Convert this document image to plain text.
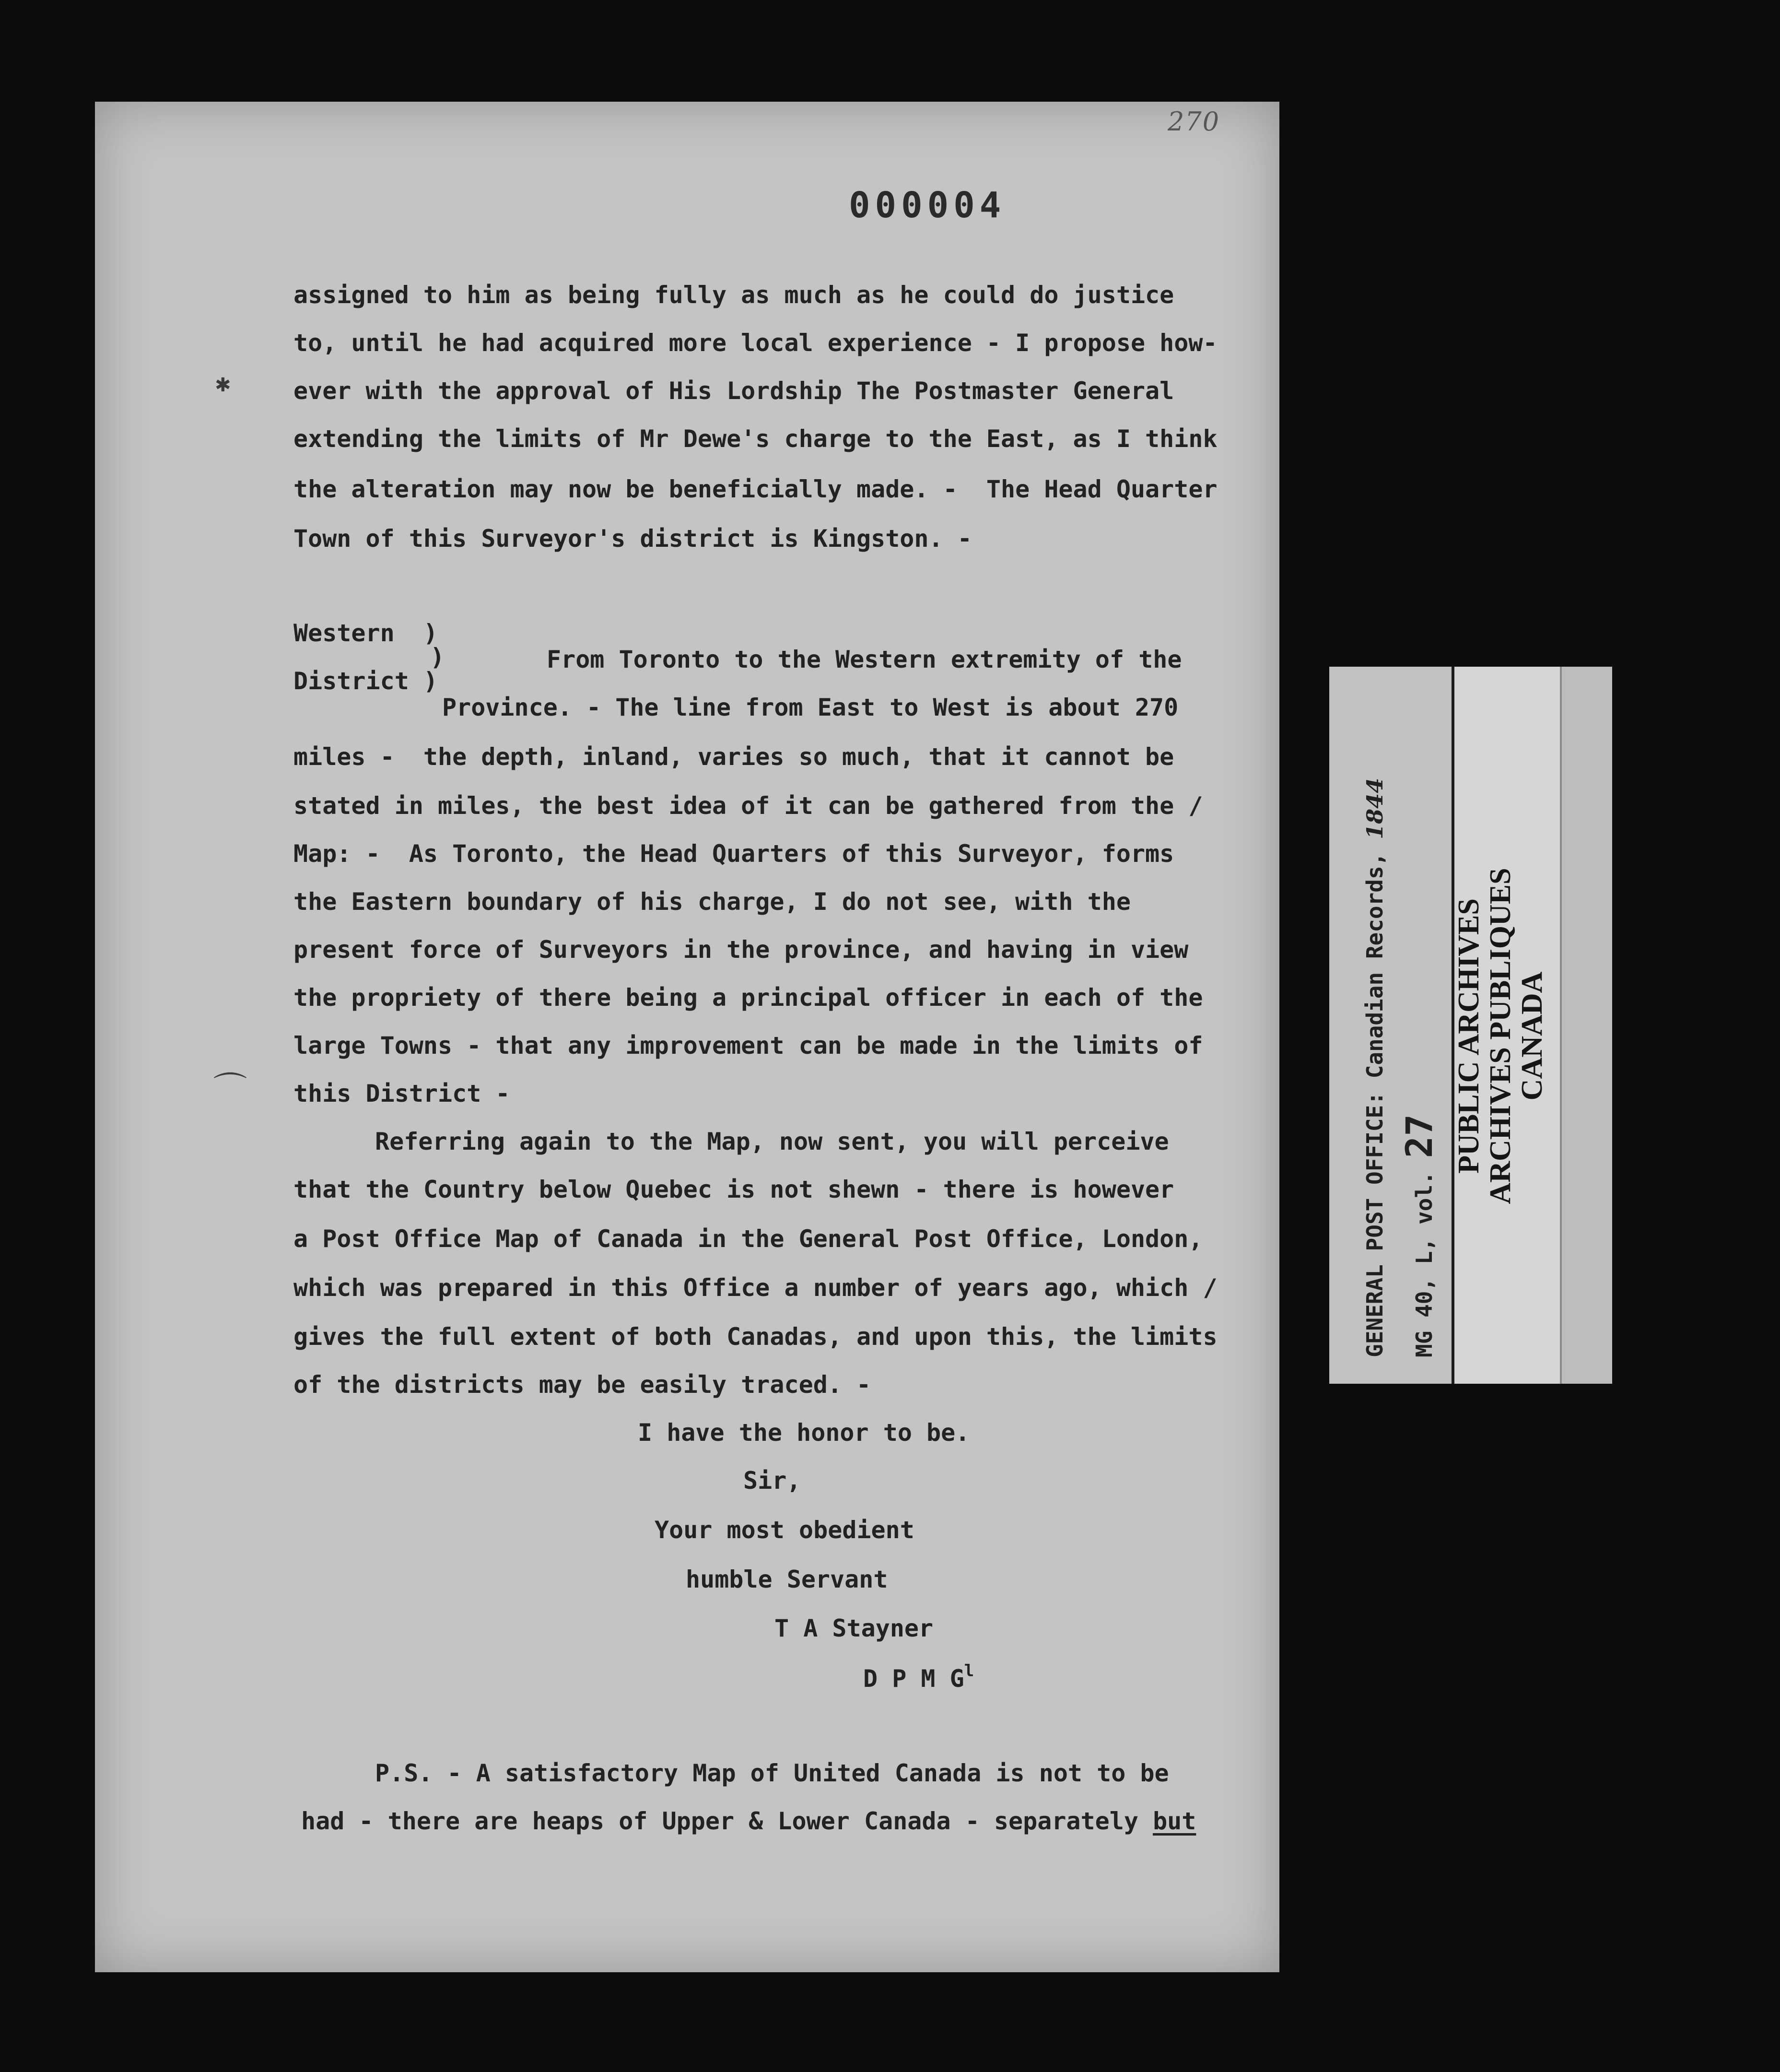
270
000004
assigned to him as being fully as much as he could do justice
to, until he had acquired more local experience - I propose how-
ever with the approval of His Lordship The Postmaster General
extending the limits of Mr Dewe's charge to the East, as I think
the alteration may now be beneficially made. -  The Head Quarter
Town of this Surveyor's district is Kingston. -
Western  )
)
District )
From Toronto to the Western extremity of the
Province. - The line from East to West is about 270
miles -  the depth, inland, varies so much, that it cannot be
stated in miles, the best idea of it can be gathered from the /
Map: -  As Toronto, the Head Quarters of this Surveyor, forms
the Eastern boundary of his charge, I do not see, with the
present force of Surveyors in the province, and having in view
the propriety of there being a principal officer in each of the
large Towns - that any improvement can be made in the limits of
this District -
Referring again to the Map, now sent, you will perceive
that the Country below Quebec is not shewn - there is however
a Post Office Map of Canada in the General Post Office, London,
which was prepared in this Office a number of years ago, which /
gives the full extent of both Canadas, and upon this, the limits
of the districts may be easily traced. -
I have the honor to be.
Sir,
Your most obedient
humble Servant
T A Stayner
D P M $G^l$
P.S. - A satisfactory Map of United Canada is not to be
had - there are heaps of Upper & Lower Canada - separately but
✱
⌒	GENERAL POST OFFICE: Canadian Records, 1844
MG 40, L, vol. 27 PUBLIC ARCHIVES
ARCHIVES PUBLIQUES
CANADA
